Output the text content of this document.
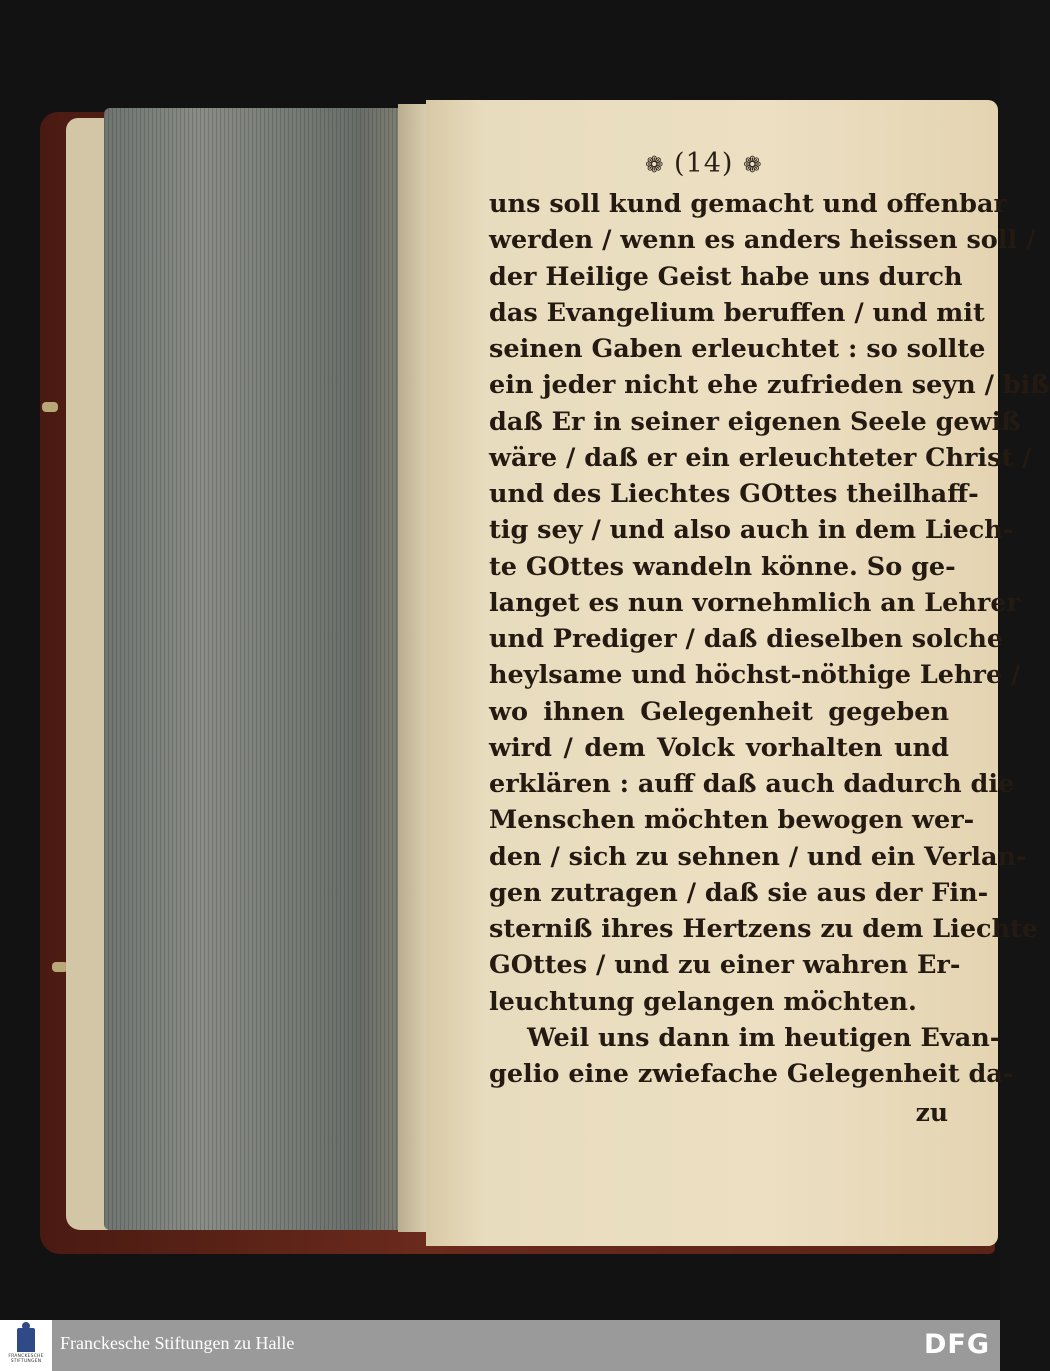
❁ (14) ❁
uns soll kund gemacht und offenbar
werden / wenn es anders heissen soll /
der Heilige Geist habe uns durch
das Evangelium beruffen / und mit
seinen Gaben erleuchtet : so sollte
ein jeder nicht ehe zufrieden seyn / biß
daß Er in seiner eigenen Seele gewiß
wäre / daß er ein erleuchteter Christ /
und des Liechtes GOttes theilhaff-
tig sey / und also auch in dem Liech-
te GOttes wandeln könne. So ge-
langet es nun vornehmlich an Lehrer
und Prediger / daß dieselben solche
heylsame und höchst-nöthige Lehre /
wo ihnen Gelegenheit gegeben
wird / dem Volck vorhalten und
erklären : auff daß auch dadurch die
Menschen möchten bewogen wer-
den / sich zu sehnen / und ein Verlan-
gen zutragen / daß sie aus der Fin-
sterniß ihres Hertzens zu dem Liechte
GOttes / und zu einer wahren Er-
leuchtung gelangen möchten.
Weil uns dann im heutigen Evan-
gelio eine zwiefache Gelegenheit da-
zu
FRANCKESCHE
STIFTUNGEN
Franckesche Stiftungen zu Halle	DFG
